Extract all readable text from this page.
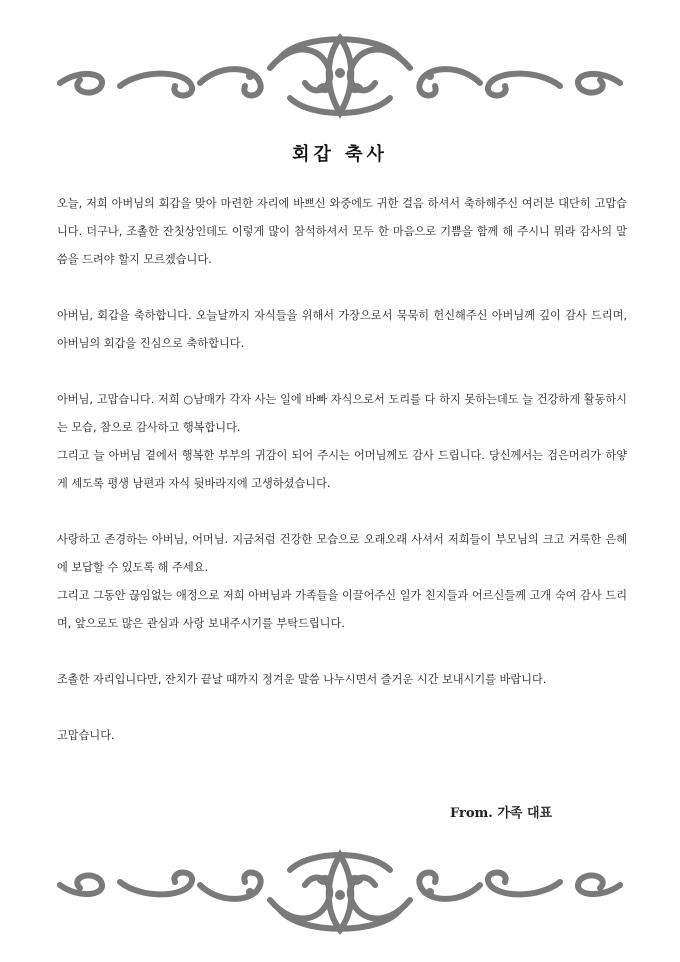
회갑 축사

오늘, 저희 아버님의 회갑을 맞아 마련한 자리에 바쁘신 와중에도 귀한 걸음 하셔서 축하해주신 여러분 대단히 고맙습니다. 더구나, 조촐한 잔칫상인데도 이렇게 많이 참석하셔서 모두 한 마음으로 기쁨을 함께 해 주시니 뭐라 감사의 말씀을 드려야 할지 모르겠습니다.

아버님, 회갑을 축하합니다. 오늘날까지 자식들을 위해서 가장으로서 묵묵히 헌신해주신 아버님께 깊이 감사 드리며, 아버님의 회갑을 진심으로 축하합니다.

아버님, 고맙습니다. 저희 ○남매가 각자 사는 일에 바빠 자식으로서 도리를 다 하지 못하는데도 늘 건강하게 활동하시는 모습, 참으로 감사하고 행복합니다.

그리고 늘 아버님 곁에서 행복한 부부의 귀감이 되어 주시는 어머님께도 감사 드립니다. 당신께서는 검은머리가 하얗게 세도록 평생 남편과 자식 뒷바라지에 고생하셨습니다.

사랑하고 존경하는 아버님, 어머님. 지금처럼 건강한 모습으로 오래오래 사셔서 저희들이 부모님의 크고 거룩한 은혜에 보답할 수 있도록 해 주세요.

그리고 그동안 끊임없는 애정으로 저희 아버님과 가족들을 이끌어주신 일가 친지들과 어르신들께 고개 숙여 감사 드리며, 앞으로도 많은 관심과 사랑 보내주시기를 부탁드립니다.

조촐한 자리입니다만, 잔치가 끝날 때까지 정겨운 말씀 나누시면서 즐거운 시간 보내시기를 바랍니다.

고맙습니다.

From. 가족 대표
